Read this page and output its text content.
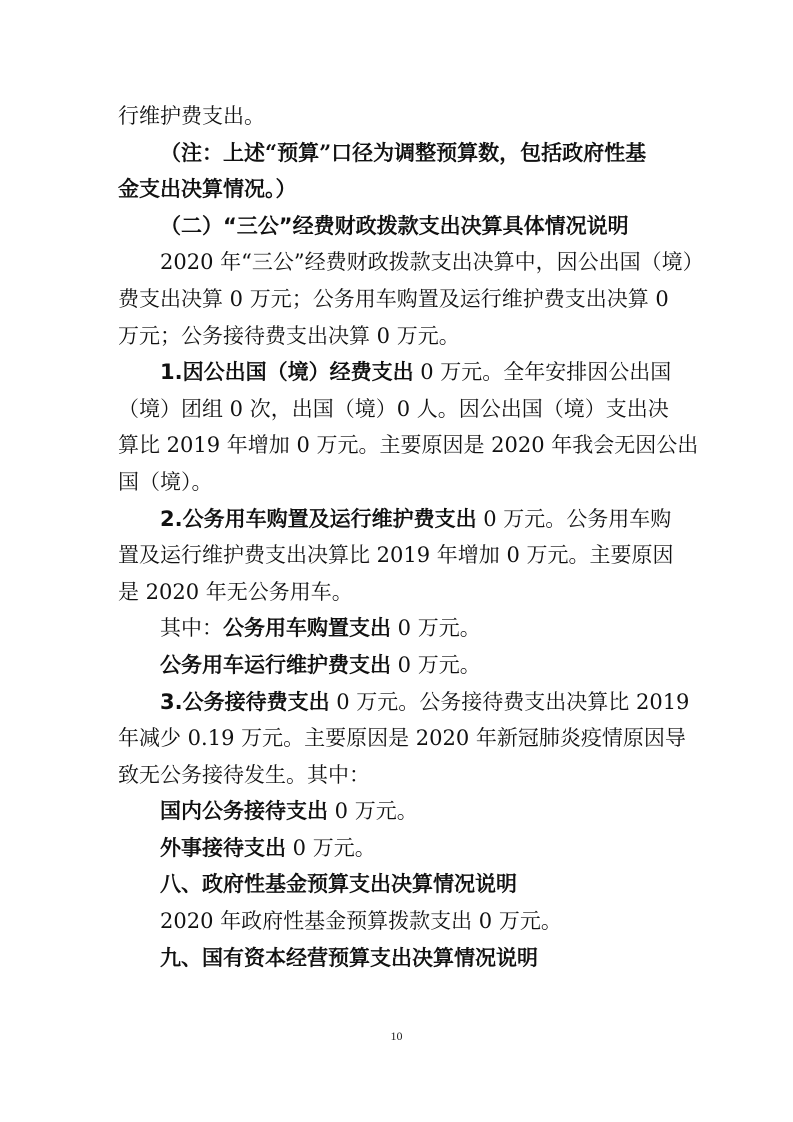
行维护费支出。
（注：上述“预算”口径为调整预算数，包括政府性基
金支出决算情况。）
（二）“三公”经费财政拨款支出决算具体情况说明
2020 年“三公”经费财政拨款支出决算中，因公出国（境）
费支出决算 0 万元；公务用车购置及运行维护费支出决算 0
万元；公务接待费支出决算 0 万元。
1.因公出国（境）经费支出 0 万元。全年安排因公出国
（境）团组 0 次，出国（境）0 人。因公出国（境）支出决
算比 2019 年增加 0 万元。主要原因是 2020 年我会无因公出
国（境）。
2.公务用车购置及运行维护费支出 0 万元。公务用车购
置及运行维护费支出决算比 2019 年增加 0 万元。主要原因
是 2020 年无公务用车。
其中：公务用车购置支出 0 万元。
公务用车运行维护费支出 0 万元。
3.公务接待费支出 0 万元。公务接待费支出决算比 2019
年减少 0.19 万元。主要原因是 2020 年新冠肺炎疫情原因导
致无公务接待发生。其中：
国内公务接待支出 0 万元。
外事接待支出 0 万元。
八、政府性基金预算支出决算情况说明
2020 年政府性基金预算拨款支出 0 万元。
九、国有资本经营预算支出决算情况说明
10
